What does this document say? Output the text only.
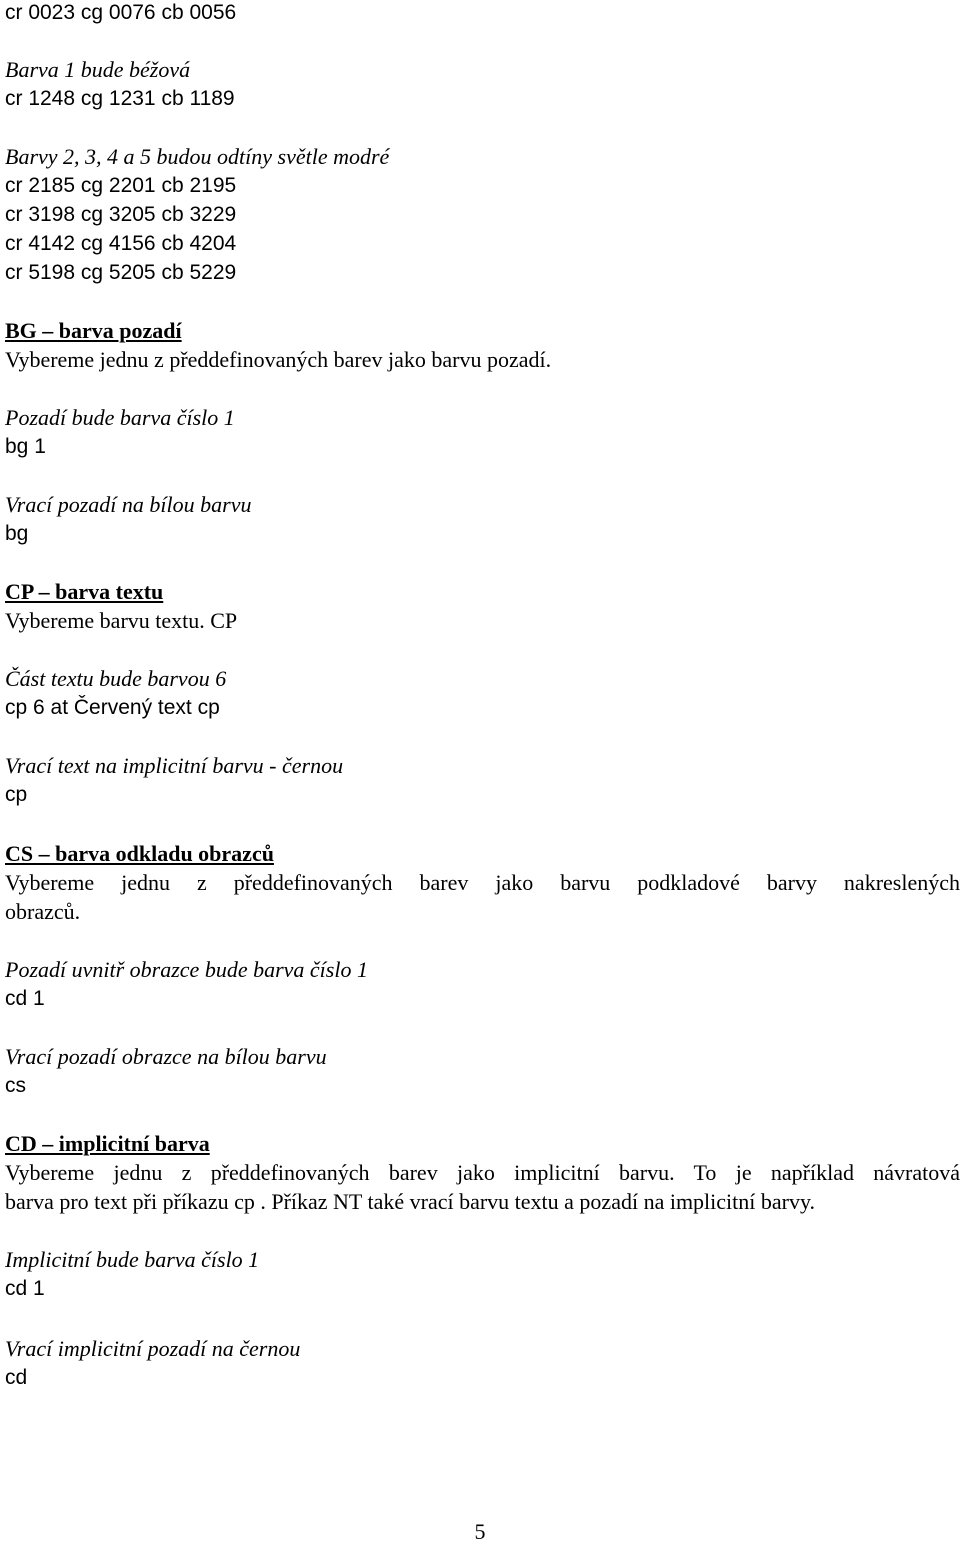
cr 0023 cg 0076 cb 0056
Barva 1 bude béžová
cr 1248 cg 1231 cb 1189
Barvy 2, 3, 4 a 5 budou odtíny světle modré
cr 2185 cg 2201 cb 2195
cr 3198 cg 3205 cb 3229
cr 4142 cg 4156 cb 4204
cr 5198 cg 5205 cb 5229
BG – barva pozadí
Vybereme jednu z předdefinovaných barev jako barvu pozadí.
Pozadí bude barva číslo 1
bg 1
Vrací pozadí na bílou barvu
bg
CP – barva textu
Vybereme barvu textu. CP
Část textu bude barvou 6
cp 6 at Červený text cp
Vrací text na implicitní barvu - černou
cp
CS – barva odkladu obrazců
Vybereme jednu z předdefinovaných barev jako barvu podkladové barvy nakreslených
obrazců.
Pozadí uvnitř obrazce bude barva číslo 1
cd 1
Vrací pozadí obrazce na bílou barvu
cs
CD – implicitní barva
Vybereme jednu z předdefinovaných barev jako implicitní barvu. To je například návratová
barva pro text při příkazu cp . Příkaz NT také vrací barvu textu a pozadí na implicitní barvy.
Implicitní bude barva číslo 1
cd 1
Vrací implicitní pozadí na černou
cd
5
